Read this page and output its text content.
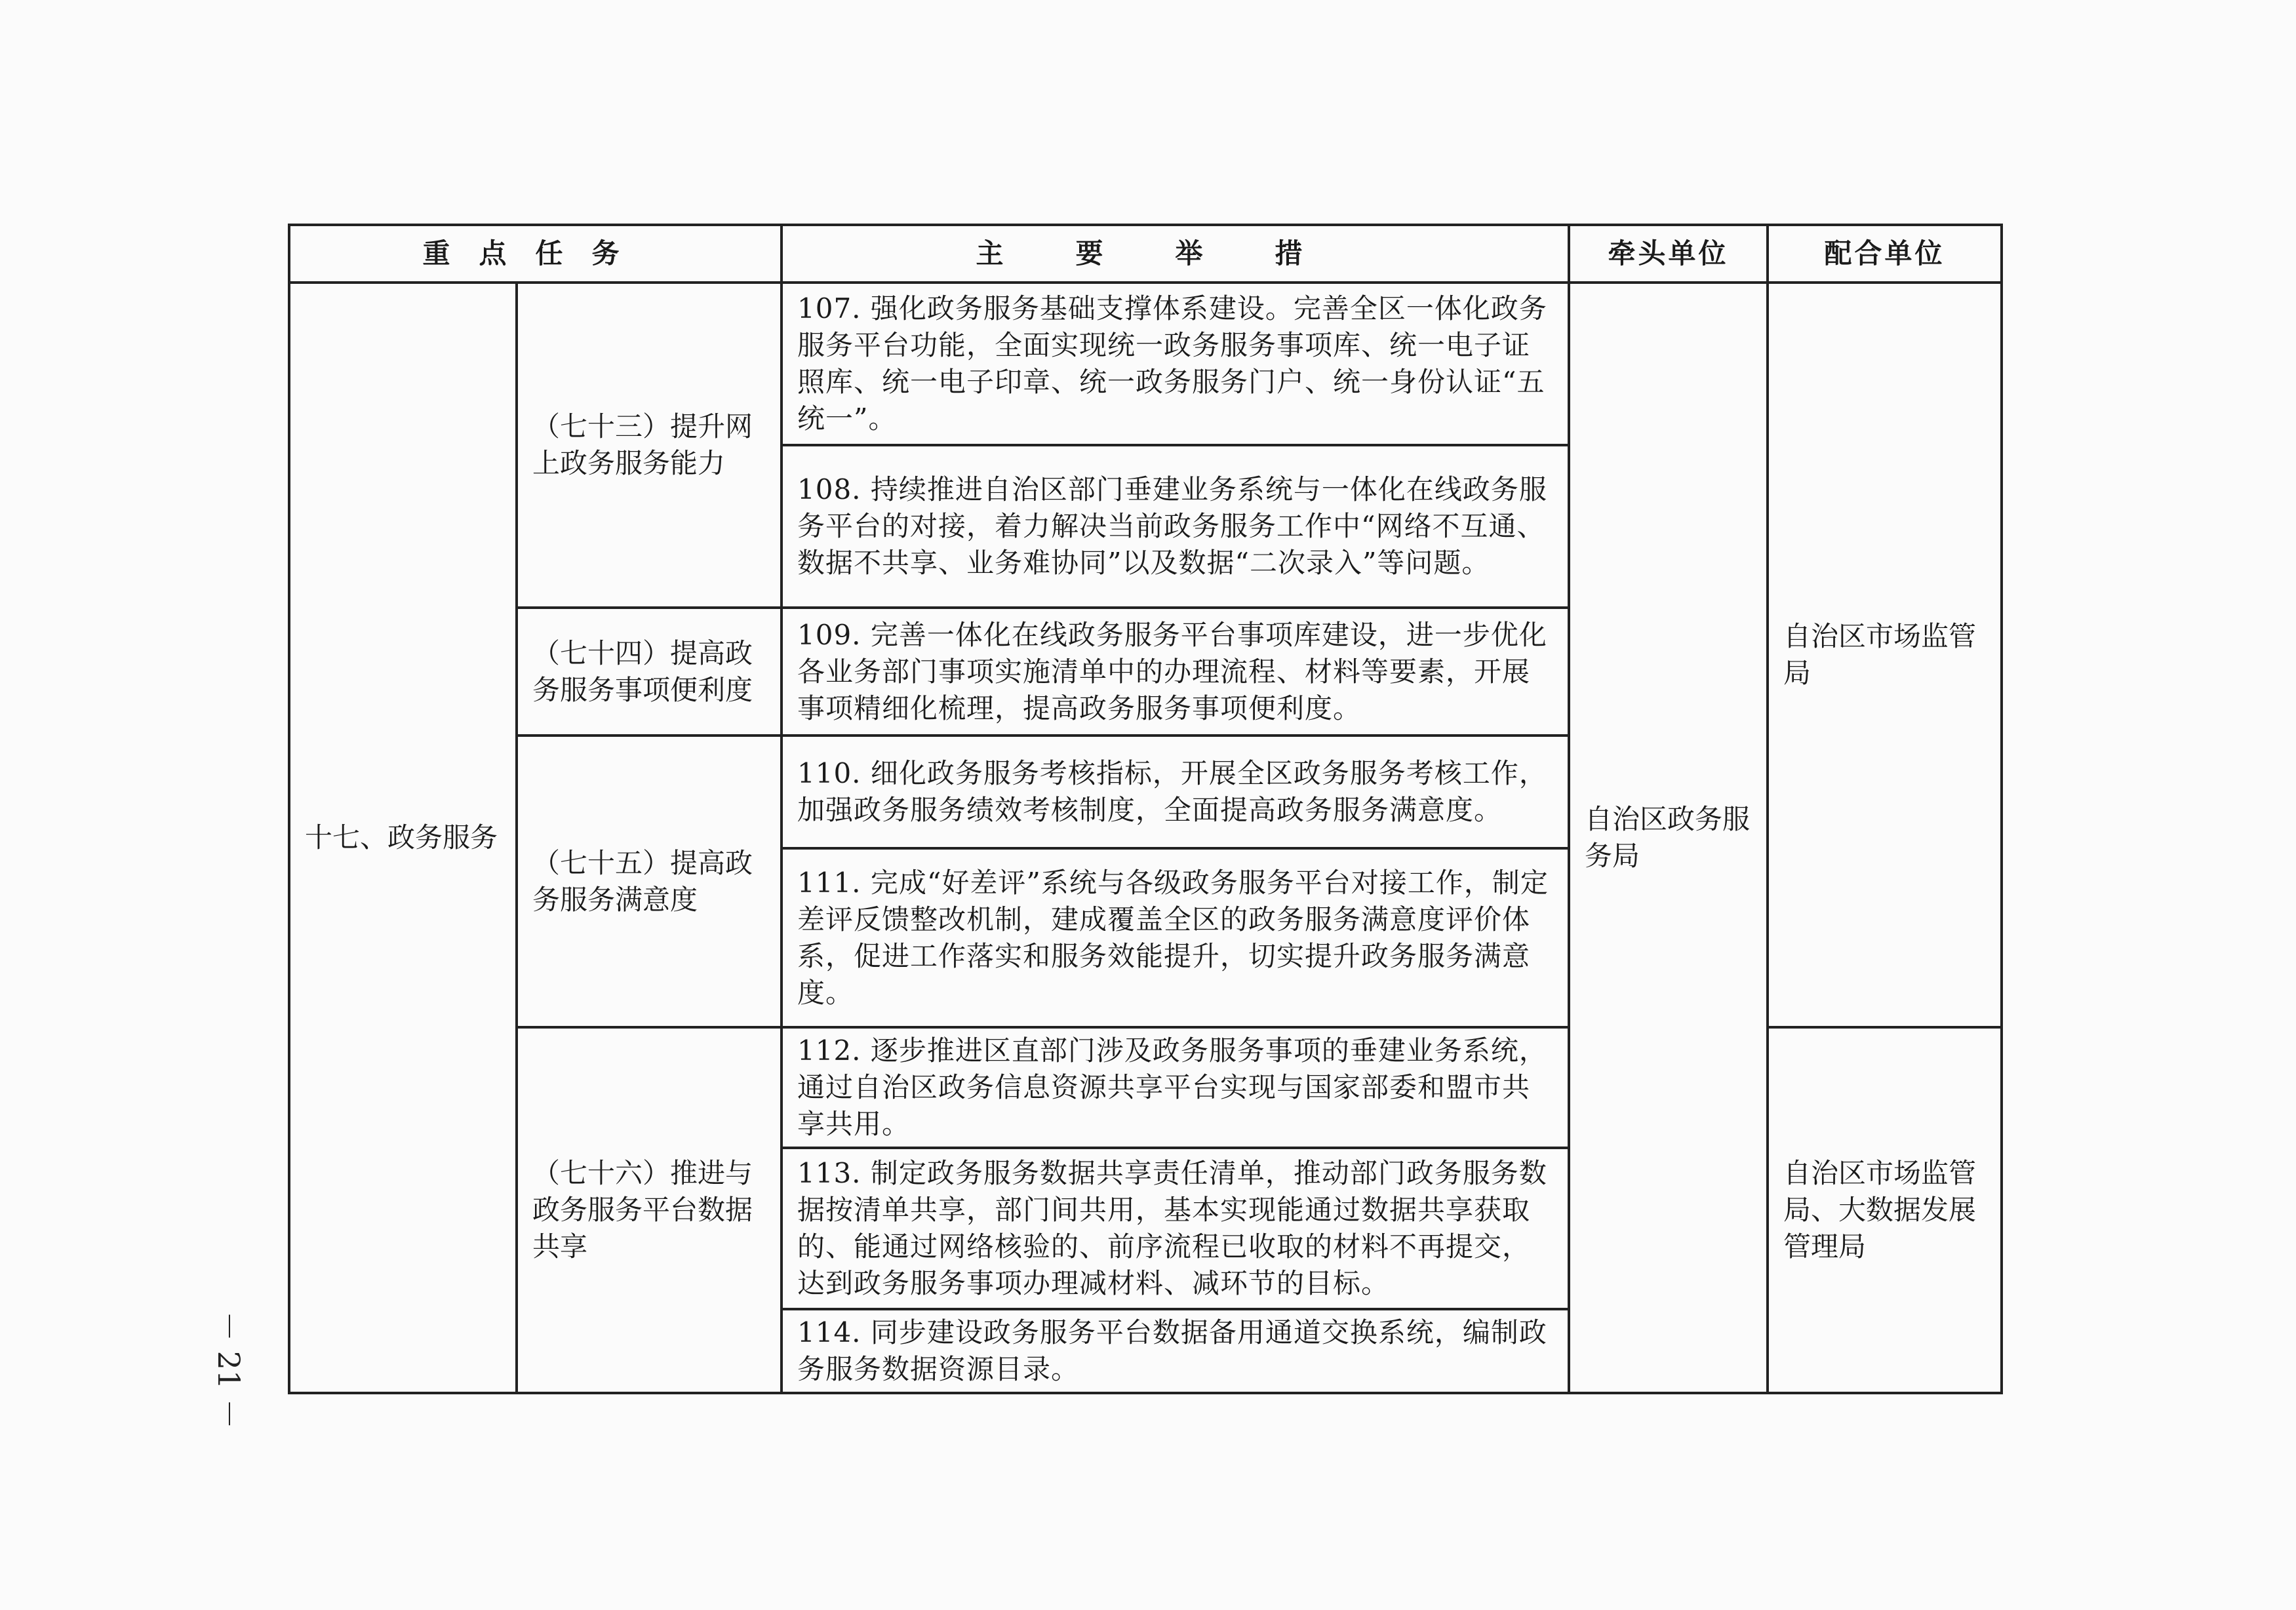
重点任务		主要举措	牵头单位	配合单位
十七、政务服务	（七十三）提升网上政务服务能力	107. 强化政务服务基础支撑体系建设。完善全区一体化政务服务平台功能，全面实现统一政务服务事项库、统一电子证照库、统一电子印章、统一政务服务门户、统一身份认证“五统一”。	自治区政务服务局	自治区市场监管局
		108. 持续推进自治区部门垂建业务系统与一体化在线政务服务平台的对接，着力解决当前政务服务工作中“网络不互通、数据不共享、业务难协同”以及数据“二次录入”等问题。		
	（七十四）提高政务服务事项便利度	109. 完善一体化在线政务服务平台事项库建设，进一步优化各业务部门事项实施清单中的办理流程、材料等要素，开展事项精细化梳理，提高政务服务事项便利度。		
	（七十五）提高政务服务满意度	110. 细化政务服务考核指标，开展全区政务服务考核工作，加强政务服务绩效考核制度，全面提高政务服务满意度。		
		111. 完成“好差评”系统与各级政务服务平台对接工作，制定差评反馈整改机制，建成覆盖全区的政务服务满意度评价体系，促进工作落实和服务效能提升，切实提升政务服务满意度。		
	（七十六）推进与政务服务平台数据共享	112. 逐步推进区直部门涉及政务服务事项的垂建业务系统，通过自治区政务信息资源共享平台实现与国家部委和盟市共享共用。		自治区市场监管局、大数据发展管理局
		113. 制定政务服务数据共享责任清单，推动部门政务服务数据按清单共享，部门间共用，基本实现能通过数据共享获取的、能通过网络核验的、前序流程已收取的材料不再提交，达到政务服务事项办理减材料、减环节的目标。		
		114. 同步建设政务服务平台数据备用通道交换系统，编制政务服务数据资源目录。		
－ 21 －
